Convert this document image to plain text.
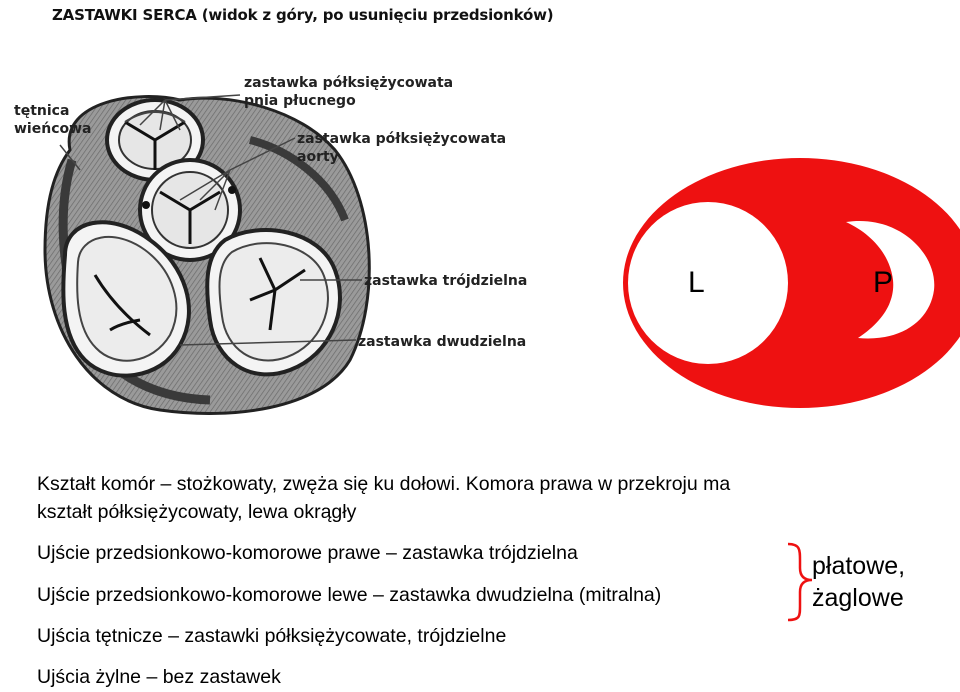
ZASTAWKI SERCA (widok z góry, po usunięciu przedsionków)
tętnica
wieńcowa
zastawka półksiężycowata
pnia płucnego
zastawka półksiężycowata
aorty
zastawka trójdzielna
zastawka dwudzielna
L	P
Kształt komór – stożkowaty, zwęża się ku dołowi. Komora prawa w przekroju ma
kształt półksiężycowaty, lewa okrągły
Ujście przedsionkowo-komorowe prawe – zastawka trójdzielna
Ujście przedsionkowo-komorowe lewe – zastawka dwudzielna (mitralna)
Ujścia tętnicze – zastawki półksiężycowate, trójdzielne
Ujścia żylne – bez zastawek
płatowe,
żaglowe
